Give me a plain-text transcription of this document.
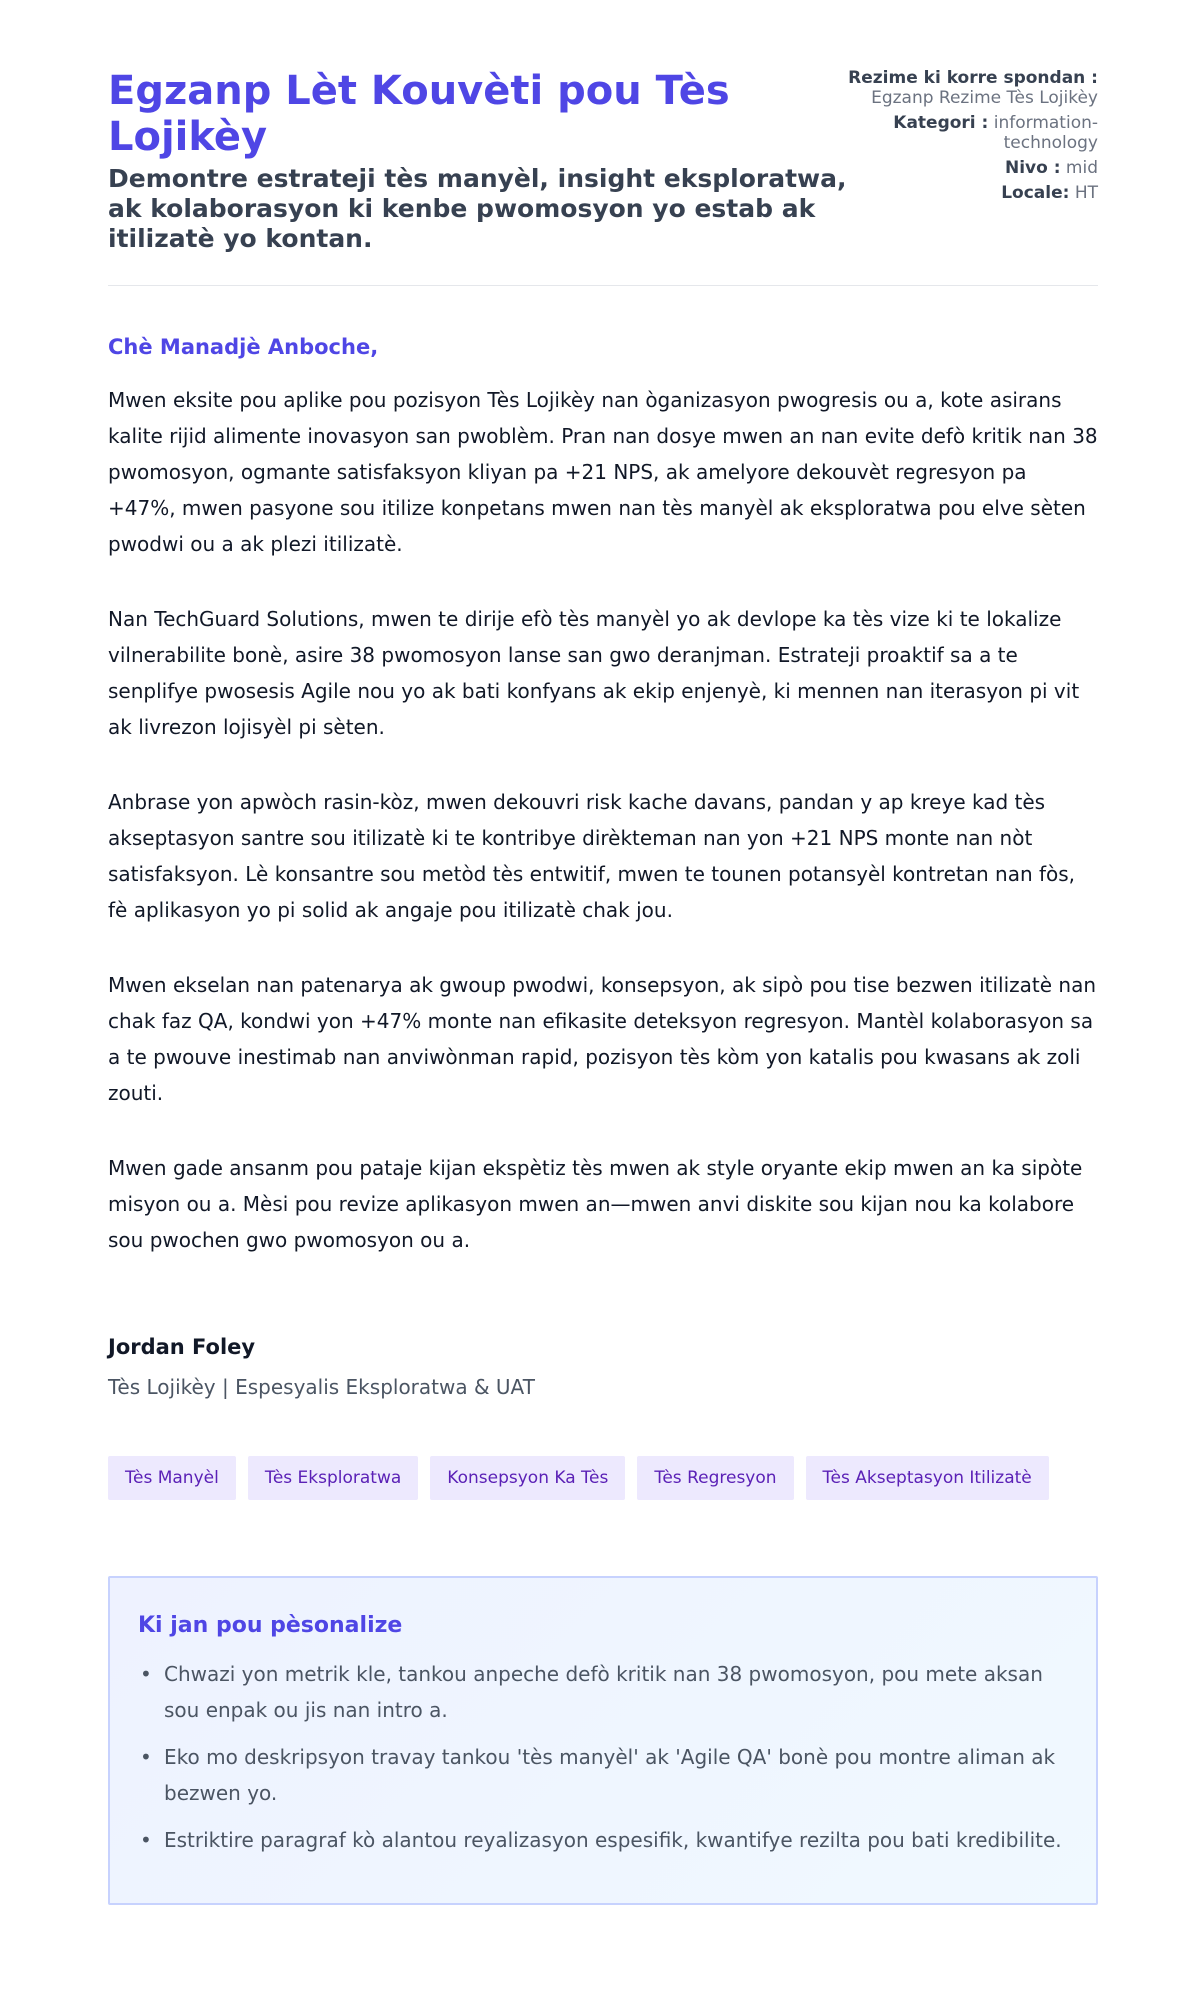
Egzanp Lèt Kouvèti pou Tès Lojikèy
Demontre estrateji tès manyèl, insight eksploratwa, ak kolaborasyon ki kenbe pwomosyon yo estab ak itilizatè yo kontan.
Rezime ki korre spondan : Egzanp Rezime Tès Lojikèy
Kategori : information-technology
Nivo : mid
Locale: HT
Chè Manadjè Anboche,

Mwen eksite pou aplike pou pozisyon Tès Lojikèy nan òganizasyon pwogresis ou a, kote asirans kalite rijid alimente inovasyon san pwoblèm. Pran nan dosye mwen an nan evite defò kritik nan 38 pwomosyon, ogmante satisfaksyon kliyan pa +21 NPS, ak amelyore dekouvèt regresyon pa +47%, mwen pasyone sou itilize konpetans mwen nan tès manyèl ak eksploratwa pou elve sèten pwodwi ou a ak plezi itilizatè.

Nan TechGuard Solutions, mwen te dirije efò tès manyèl yo ak devlope ka tès vize ki te lokalize vilnerabilite bonè, asire 38 pwomosyon lanse san gwo deranjman. Estrateji proaktif sa a te senplifye pwosesis Agile nou yo ak bati konfyans ak ekip enjenyè, ki mennen nan iterasyon pi vit ak livrezon lojisyèl pi sèten.

Anbrase yon apwòch rasin-kòz, mwen dekouvri risk kache davans, pandan y ap kreye kad tès akseptasyon santre sou itilizatè ki te kontribye dirèkteman nan yon +21 NPS monte nan nòt satisfaksyon. Lè konsantre sou metòd tès entwitif, mwen te tounen potansyèl kontretan nan fòs, fè aplikasyon yo pi solid ak angaje pou itilizatè chak jou.

Mwen ekselan nan patenarya ak gwoup pwodwi, konsepsyon, ak sipò pou tise bezwen itilizatè nan chak faz QA, kondwi yon +47% monte nan efikasite deteksyon regresyon. Mantèl kolaborasyon sa a te pwouve inestimab nan anviwònman rapid, pozisyon tès kòm yon katalis pou kwasans ak zoli zouti.

Mwen gade ansanm pou pataje kijan ekspètiz tès mwen ak style oryante ekip mwen an ka sipòte misyon ou a. Mèsi pou revize aplikasyon mwen an—mwen anvi diskite sou kijan nou ka kolabore sou pwochen gwo pwomosyon ou a.

Jordan Foley
Tès Lojikèy | Espesyalis Eksploratwa & UAT
Tès Manyèl	Tès Eksploratwa	Konsepsyon Ka Tès	Tès Regresyon	Tès Akseptasyon Itilizatè
Ki jan pou pèsonalize
• Chwazi yon metrik kle, tankou anpeche defò kritik nan 38 pwomosyon, pou mete aksan sou enpak ou jis nan intro a.
• Eko mo deskripsyon travay tankou 'tès manyèl' ak 'Agile QA' bonè pou montre aliman ak bezwen yo.
• Estriktire paragraf kò alantou reyalizasyon espesifik, kwantifye rezilta pou bati kredibilite.
